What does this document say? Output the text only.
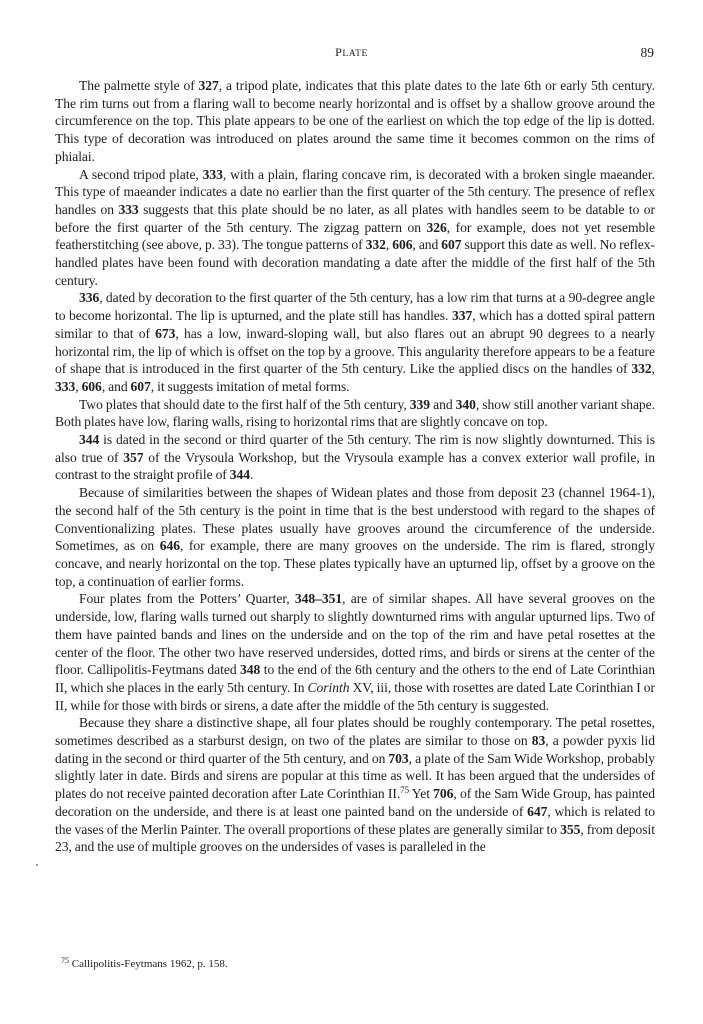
PLATE	89

The palmette style of 327, a tripod plate, indicates that this plate dates to the late 6th or early 5th century. The rim turns out from a flaring wall to become nearly horizontal and is offset by a shallow groove around the circumference on the top. This plate appears to be one of the earliest on which the top edge of the lip is dotted. This type of decoration was introduced on plates around the same time it becomes common on the rims of phialai.

A second tripod plate, 333, with a plain, flaring concave rim, is decorated with a broken single maeander. This type of maeander indicates a date no earlier than the first quarter of the 5th century. The presence of reflex handles on 333 suggests that this plate should be no later, as all plates with handles seem to be datable to or before the first quarter of the 5th century. The zigzag pattern on 326, for example, does not yet resemble featherstitching (see above, p. 33). The tongue patterns of 332, 606, and 607 support this date as well. No reflex-handled plates have been found with decoration mandating a date after the middle of the first half of the 5th century.

336, dated by decoration to the first quarter of the 5th century, has a low rim that turns at a 90-degree angle to become horizontal. The lip is upturned, and the plate still has handles. 337, which has a dotted spiral pattern similar to that of 673, has a low, inward-sloping wall, but also flares out an abrupt 90 degrees to a nearly horizontal rim, the lip of which is offset on the top by a groove. This angularity therefore appears to be a feature of shape that is introduced in the first quarter of the 5th century. Like the applied discs on the handles of 332, 333, 606, and 607, it suggests imitation of metal forms.

Two plates that should date to the first half of the 5th century, 339 and 340, show still another variant shape. Both plates have low, flaring walls, rising to horizontal rims that are slightly concave on top.

344 is dated in the second or third quarter of the 5th century. The rim is now slightly downturned. This is also true of 357 of the Vrysoula Workshop, but the Vrysoula example has a convex exterior wall profile, in contrast to the straight profile of 344.

Because of similarities between the shapes of Widean plates and those from deposit 23 (channel 1964-1), the second half of the 5th century is the point in time that is the best understood with regard to the shapes of Conventionalizing plates. These plates usually have grooves around the circumference of the underside. Sometimes, as on 646, for example, there are many grooves on the underside. The rim is flared, strongly concave, and nearly horizontal on the top. These plates typically have an upturned lip, offset by a groove on the top, a continuation of earlier forms.

Four plates from the Potters’ Quarter, 348–351, are of similar shapes. All have several grooves on the underside, low, flaring walls turned out sharply to slightly downturned rims with angular upturned lips. Two of them have painted bands and lines on the underside and on the top of the rim and have petal rosettes at the center of the floor. The other two have reserved undersides, dotted rims, and birds or sirens at the center of the floor. Callipolitis-Feytmans dated 348 to the end of the 6th century and the others to the end of Late Corinthian II, which she places in the early 5th century. In Corinth XV, iii, those with rosettes are dated Late Corinthian I or II, while for those with birds or sirens, a date after the middle of the 5th century is suggested.

Because they share a distinctive shape, all four plates should be roughly contemporary. The petal rosettes, sometimes described as a starburst design, on two of the plates are similar to those on 83, a powder pyxis lid dating in the second or third quarter of the 5th century, and on 703, a plate of the Sam Wide Workshop, probably slightly later in date. Birds and sirens are popular at this time as well. It has been argued that the undersides of plates do not receive painted decoration after Late Corinthian II.$^{75}$ Yet 706, of the Sam Wide Group, has painted decoration on the underside, and there is at least one painted band on the underside of 647, which is related to the vases of the Merlin Painter. The overall proportions of these plates are generally similar to 355, from deposit 23, and the use of multiple grooves on the undersides of vases is paralleled in the

$^{75}$ Callipolitis-Feytmans 1962, p. 158.
